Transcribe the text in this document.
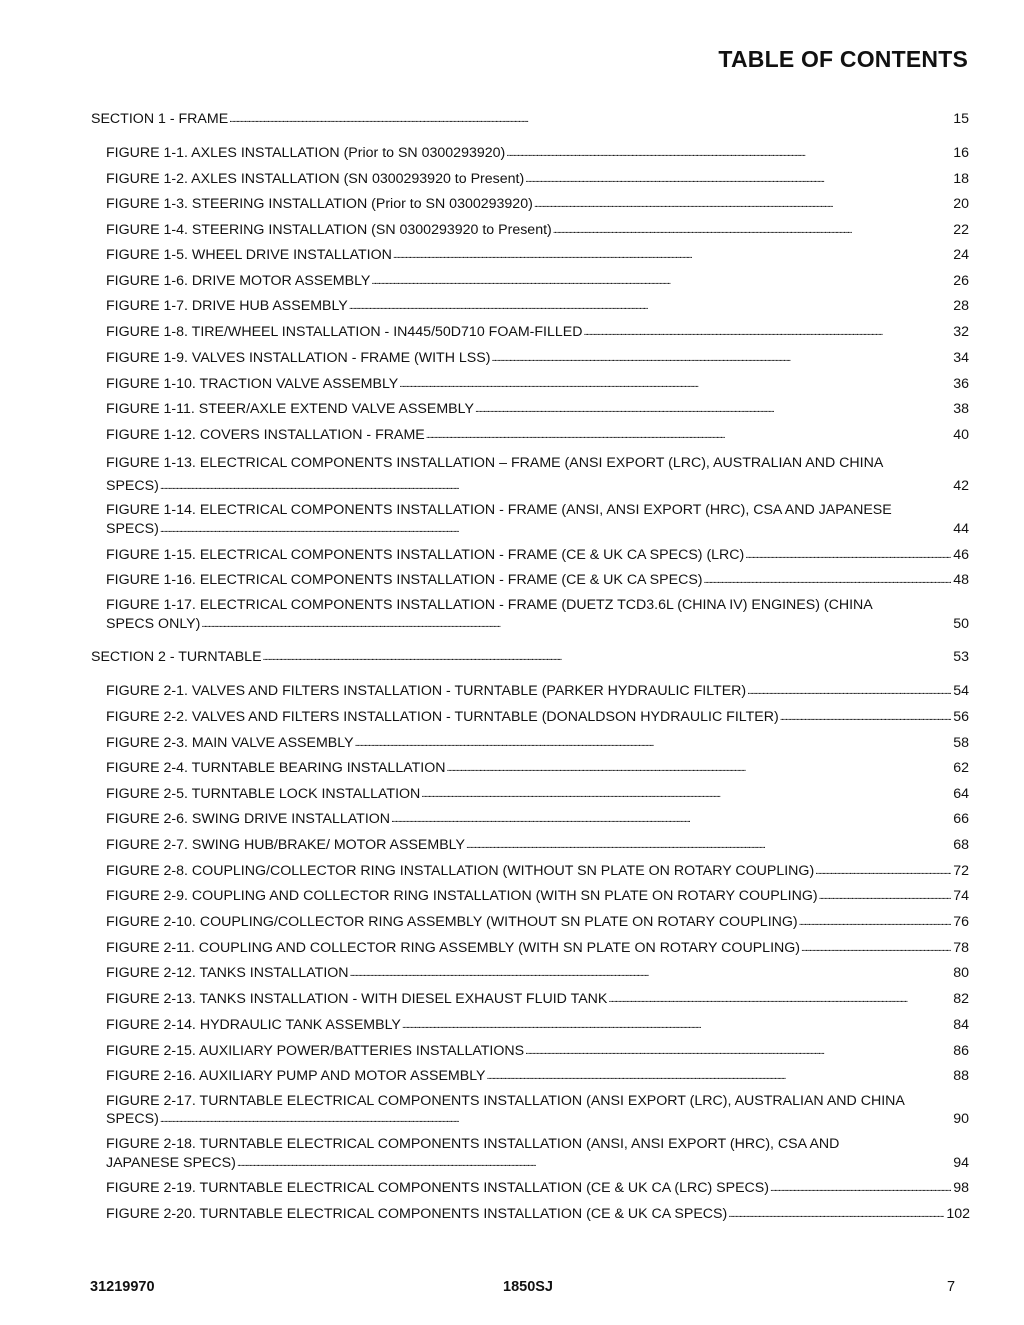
TABLE OF CONTENTS
SECTION 1 - FRAME . . .	15
FIGURE 1-1. AXLES INSTALLATION (Prior to SN 0300293920) . . .	16
FIGURE 1-2. AXLES INSTALLATION (SN 0300293920 to Present) . . .	18
FIGURE 1-3. STEERING INSTALLATION (Prior to SN 0300293920) . . .	20
FIGURE 1-4. STEERING INSTALLATION (SN 0300293920 to Present) . . .	22
FIGURE 1-5. WHEEL DRIVE INSTALLATION . . .	24
FIGURE 1-6. DRIVE MOTOR ASSEMBLY . . .	26
FIGURE 1-7. DRIVE HUB ASSEMBLY . . .	28
FIGURE 1-8. TIRE/WHEEL INSTALLATION - IN445/50D710 FOAM-FILLED . . .	32
FIGURE 1-9. VALVES INSTALLATION - FRAME (WITH LSS) . . .	34
FIGURE 1-10. TRACTION VALVE ASSEMBLY . . .	36
FIGURE 1-11. STEER/AXLE EXTEND VALVE ASSEMBLY . . .	38
FIGURE 1-12. COVERS INSTALLATION - FRAME . . .	40
FIGURE 1-13. ELECTRICAL COMPONENTS INSTALLATION – FRAME (ANSI EXPORT (LRC), AUSTRALIAN AND CHINA
SPECS) . . .	42
FIGURE 1-14. ELECTRICAL COMPONENTS INSTALLATION - FRAME (ANSI, ANSI EXPORT (HRC), CSA AND JAPANESE
SPECS) . . .	44
FIGURE 1-15. ELECTRICAL COMPONENTS INSTALLATION - FRAME (CE & UK CA SPECS) (LRC) . . .	46
FIGURE 1-16. ELECTRICAL COMPONENTS INSTALLATION - FRAME (CE & UK CA SPECS) . . .	48
FIGURE 1-17. ELECTRICAL COMPONENTS INSTALLATION - FRAME (DUETZ TCD3.6L (CHINA IV) ENGINES) (CHINA
SPECS ONLY) . . .	50
SECTION 2 - TURNTABLE . . .	53
FIGURE 2-1. VALVES AND FILTERS INSTALLATION - TURNTABLE (PARKER HYDRAULIC FILTER) . . .	54
FIGURE 2-2. VALVES AND FILTERS INSTALLATION - TURNTABLE (DONALDSON HYDRAULIC FILTER) . . .	56
FIGURE 2-3. MAIN VALVE ASSEMBLY . . .	58
FIGURE 2-4. TURNTABLE BEARING INSTALLATION . . .	62
FIGURE 2-5. TURNTABLE LOCK INSTALLATION . . .	64
FIGURE 2-6. SWING DRIVE INSTALLATION . . .	66
FIGURE 2-7. SWING HUB/BRAKE/ MOTOR ASSEMBLY . . .	68
FIGURE 2-8. COUPLING/COLLECTOR RING INSTALLATION (WITHOUT SN PLATE ON ROTARY COUPLING) . . .	72
FIGURE 2-9. COUPLING AND COLLECTOR RING INSTALLATION (WITH SN PLATE ON ROTARY COUPLING) . . .	74
FIGURE 2-10. COUPLING/COLLECTOR RING ASSEMBLY (WITHOUT SN PLATE ON ROTARY COUPLING) . . .	76
FIGURE 2-11. COUPLING AND COLLECTOR RING ASSEMBLY (WITH SN PLATE ON ROTARY COUPLING) . . .	78
FIGURE 2-12. TANKS INSTALLATION . . .	80
FIGURE 2-13. TANKS INSTALLATION - WITH DIESEL EXHAUST FLUID TANK . . .	82
FIGURE 2-14. HYDRAULIC TANK ASSEMBLY . . .	84
FIGURE 2-15. AUXILIARY POWER/BATTERIES INSTALLATIONS . . .	86
FIGURE 2-16. AUXILIARY PUMP AND MOTOR ASSEMBLY . . .	88
FIGURE 2-17. TURNTABLE ELECTRICAL COMPONENTS INSTALLATION (ANSI EXPORT (LRC), AUSTRALIAN AND CHINA
SPECS) . . .	90
FIGURE 2-18. TURNTABLE ELECTRICAL COMPONENTS INSTALLATION (ANSI, ANSI EXPORT (HRC), CSA AND
JAPANESE SPECS) . . .	94
FIGURE 2-19. TURNTABLE ELECTRICAL COMPONENTS INSTALLATION (CE & UK CA (LRC) SPECS) . . .	98
FIGURE 2-20. TURNTABLE ELECTRICAL COMPONENTS INSTALLATION (CE & UK CA SPECS) . . .	102
31219970	1850SJ	7
